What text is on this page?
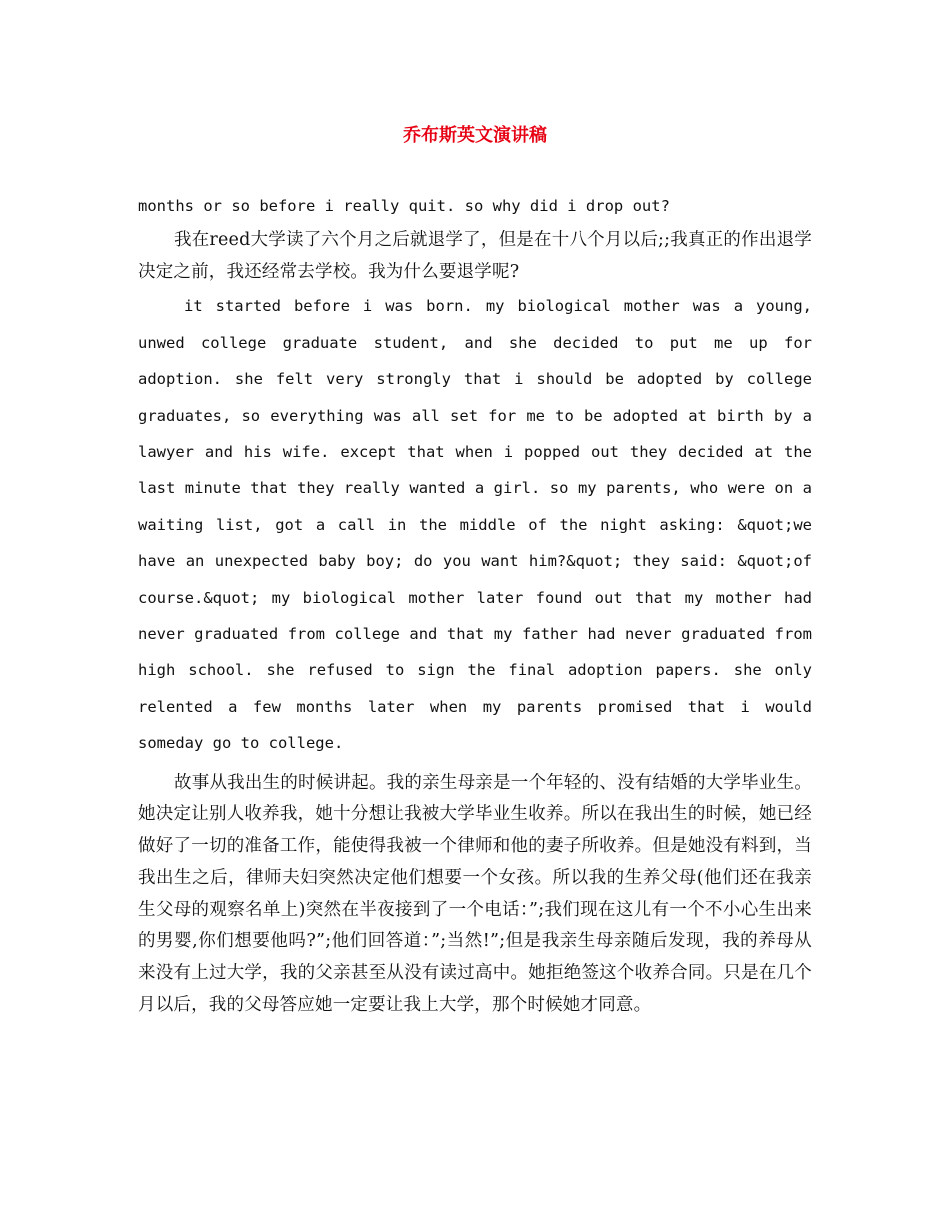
乔布斯英文演讲稿

months or so before i really quit. so why did i drop out?

我在reed大学读了六个月之后就退学了，但是在十八个月以后;;我真正的作出退学决定之前，我还经常去学校。我为什么要退学呢?

it started before i was born. my biological mother was a young, unwed college graduate student, and she decided to put me up for adoption. she felt very strongly that i should be adopted by college graduates, so everything was all set for me to be adopted at birth by a lawyer and his wife. except that when i popped out they decided at the last minute that they really wanted a girl. so my parents, who were on a waiting list, got a call in the middle of the night asking: &quot;we have an unexpected baby boy; do you want him?&quot; they said: &quot;of course.&quot; my biological mother later found out that my mother had never graduated from college and that my father had never graduated from high school. she refused to sign the final adoption papers. she only relented a few months later when my parents promised that i would someday go to college.

故事从我出生的时候讲起。我的亲生母亲是一个年轻的、没有结婚的大学毕业生。她决定让别人收养我，她十分想让我被大学毕业生收养。所以在我出生的时候，她已经做好了一切的准备工作，能使得我被一个律师和他的妻子所收养。但是她没有料到，当我出生之后，律师夫妇突然决定他们想要一个女孩。所以我的生养父母(他们还在我亲生父母的观察名单上)突然在半夜接到了一个电话：”;我们现在这儿有一个不小心生出来的男婴,你们想要他吗?”;他们回答道：”;当然!”;但是我亲生母亲随后发现，我的养母从来没有上过大学，我的父亲甚至从没有读过高中。她拒绝签这个收养合同。只是在几个月以后，我的父母答应她一定要让我上大学，那个时候她才同意。
